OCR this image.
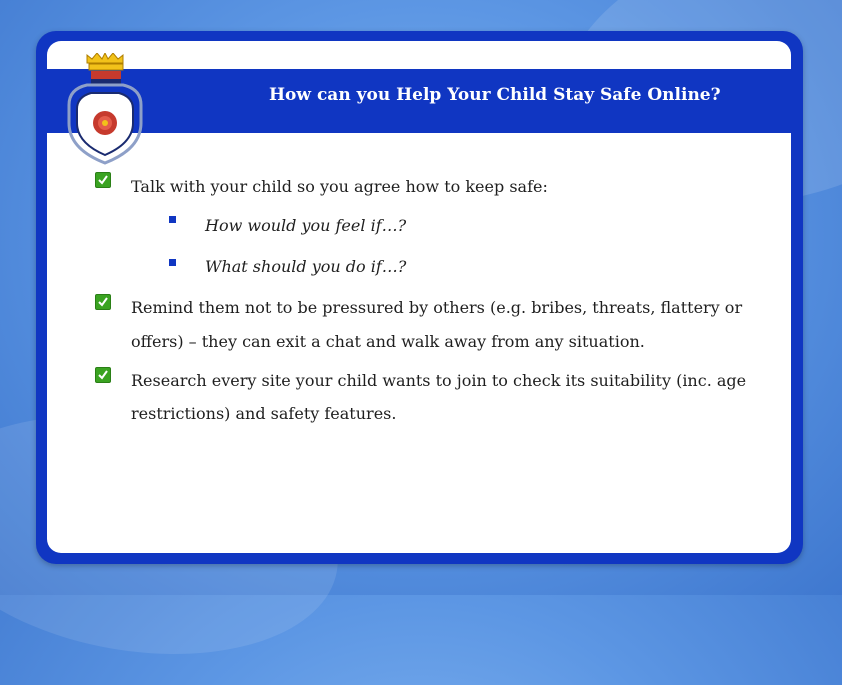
How can you Help Your Child Stay Safe Online?
Talk with your child so you agree how to keep safe:
How would you feel if…?
What should you do if…?
Remind them not to be pressured by others (e.g. bribes, threats, flattery or
offers) – they can exit a chat and walk away from any situation.
Research every site your child wants to join to check its suitability (inc. age
restrictions) and safety features.
